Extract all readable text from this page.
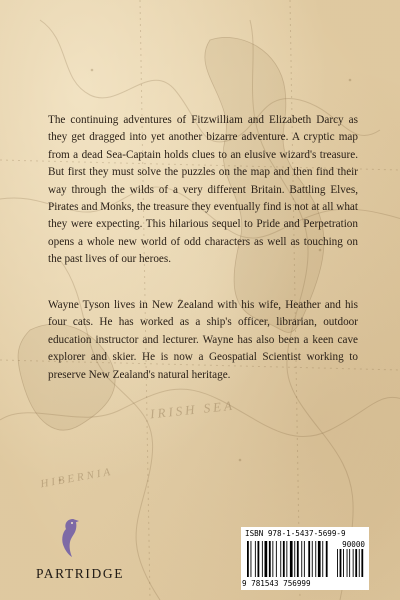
IRISH SEA
HIBERNIA

The continuing adventures of Fitzwilliam and Elizabeth Darcy as they get dragged into yet another bizarre adventure. A cryptic map from a dead Sea-Captain holds clues to an elusive wizard's treasure. But first they must solve the puzzles on the map and then find their way through the wilds of a very different Britain. Battling Elves, Pirates and Monks, the treasure they eventually find is not at all what they were expecting. This hilarious sequel to Pride and Perpetration opens a whole new world of odd characters as well as touching on the past lives of our heroes.

Wayne Tyson lives in New Zealand with his wife, Heather and his four cats. He has worked as a ship's officer, librarian, outdoor education instructor and lecturer. Wayne has also been a keen cave explorer and skier. He is now a Geospatial Scientist working to preserve New Zealand's natural heritage.

PARTRIDGE
ISBN 978-1-5437-5699-9
90000
9 781543 756999
